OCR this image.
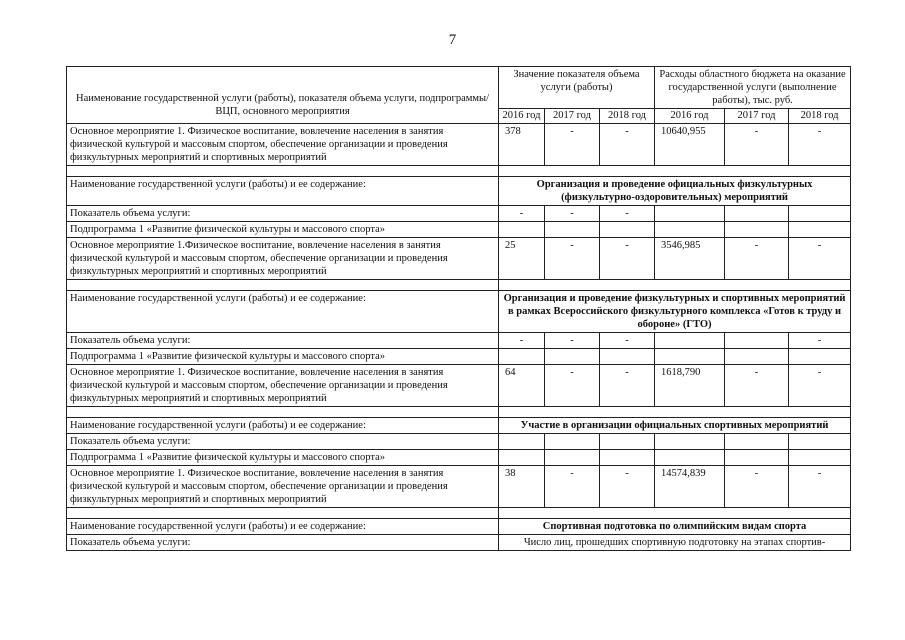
7
Наименование государственной услуги (работы), показателя объема услуги, подпрограммы/ВЦП, основного мероприятия	Значение показателя объема услуги (работы)			Расходы областного бюджета на оказание государственной услуги (выполнение работы), тыс. руб.		
	2016 год	2017 год	2018 год	2016 год	2017 год	2018 год
Основное мероприятие 1. Физическое воспитание, вовлечение населения в занятия физической культурой и массовым спортом, обеспечение организации и проведения физкультурных мероприятий и спортивных мероприятий	378	-	-	10640,955	-	-

Наименование государственной услуги (работы) и ее содержание:	Организация и проведение официальных физкультурных (физкультурно-оздоровительных) мероприятий					
Показатель объема услуги:	-	-	-			
Подпрограмма 1 «Развитие физической культуры и массового спорта»						
Основное мероприятие 1.Физическое воспитание, вовлечение населения в занятия физической культурой и массовым спортом, обеспечение организации и проведения физкультурных мероприятий и спортивных мероприятий	25	-	-	3546,985	-	-

Наименование государственной услуги (работы) и ее содержание:	Организация и проведение физкультурных и спортивных мероприятий в рамках Всероссийского физкультурного комплекса «Готов к труду и обороне» (ГТО)					
Показатель объема услуги:	-	-	-			-
Подпрограмма 1 «Развитие физической культуры и массового спорта»						
Основное мероприятие 1. Физическое воспитание, вовлечение населения в занятия физической культурой и массовым спортом, обеспечение организации и проведения физкультурных мероприятий и спортивных мероприятий	64	-	-	1618,790	-	-

Наименование государственной услуги (работы) и ее содержание:	Участие в организации официальных спортивных мероприятий					
Показатель объема услуги:						
Подпрограмма 1 «Развитие физической культуры и массового спорта»						
Основное мероприятие 1. Физическое воспитание, вовлечение населения в занятия физической культурой и массовым спортом, обеспечение организации и проведения физкультурных мероприятий и спортивных мероприятий	38	-	-	14574,839	-	-

Наименование государственной услуги (работы) и ее содержание:	Спортивная подготовка по олимпийским видам спорта					
Показатель объема услуги:	Число лиц, прошедших спортивную подготовку на этапах спортив-					
